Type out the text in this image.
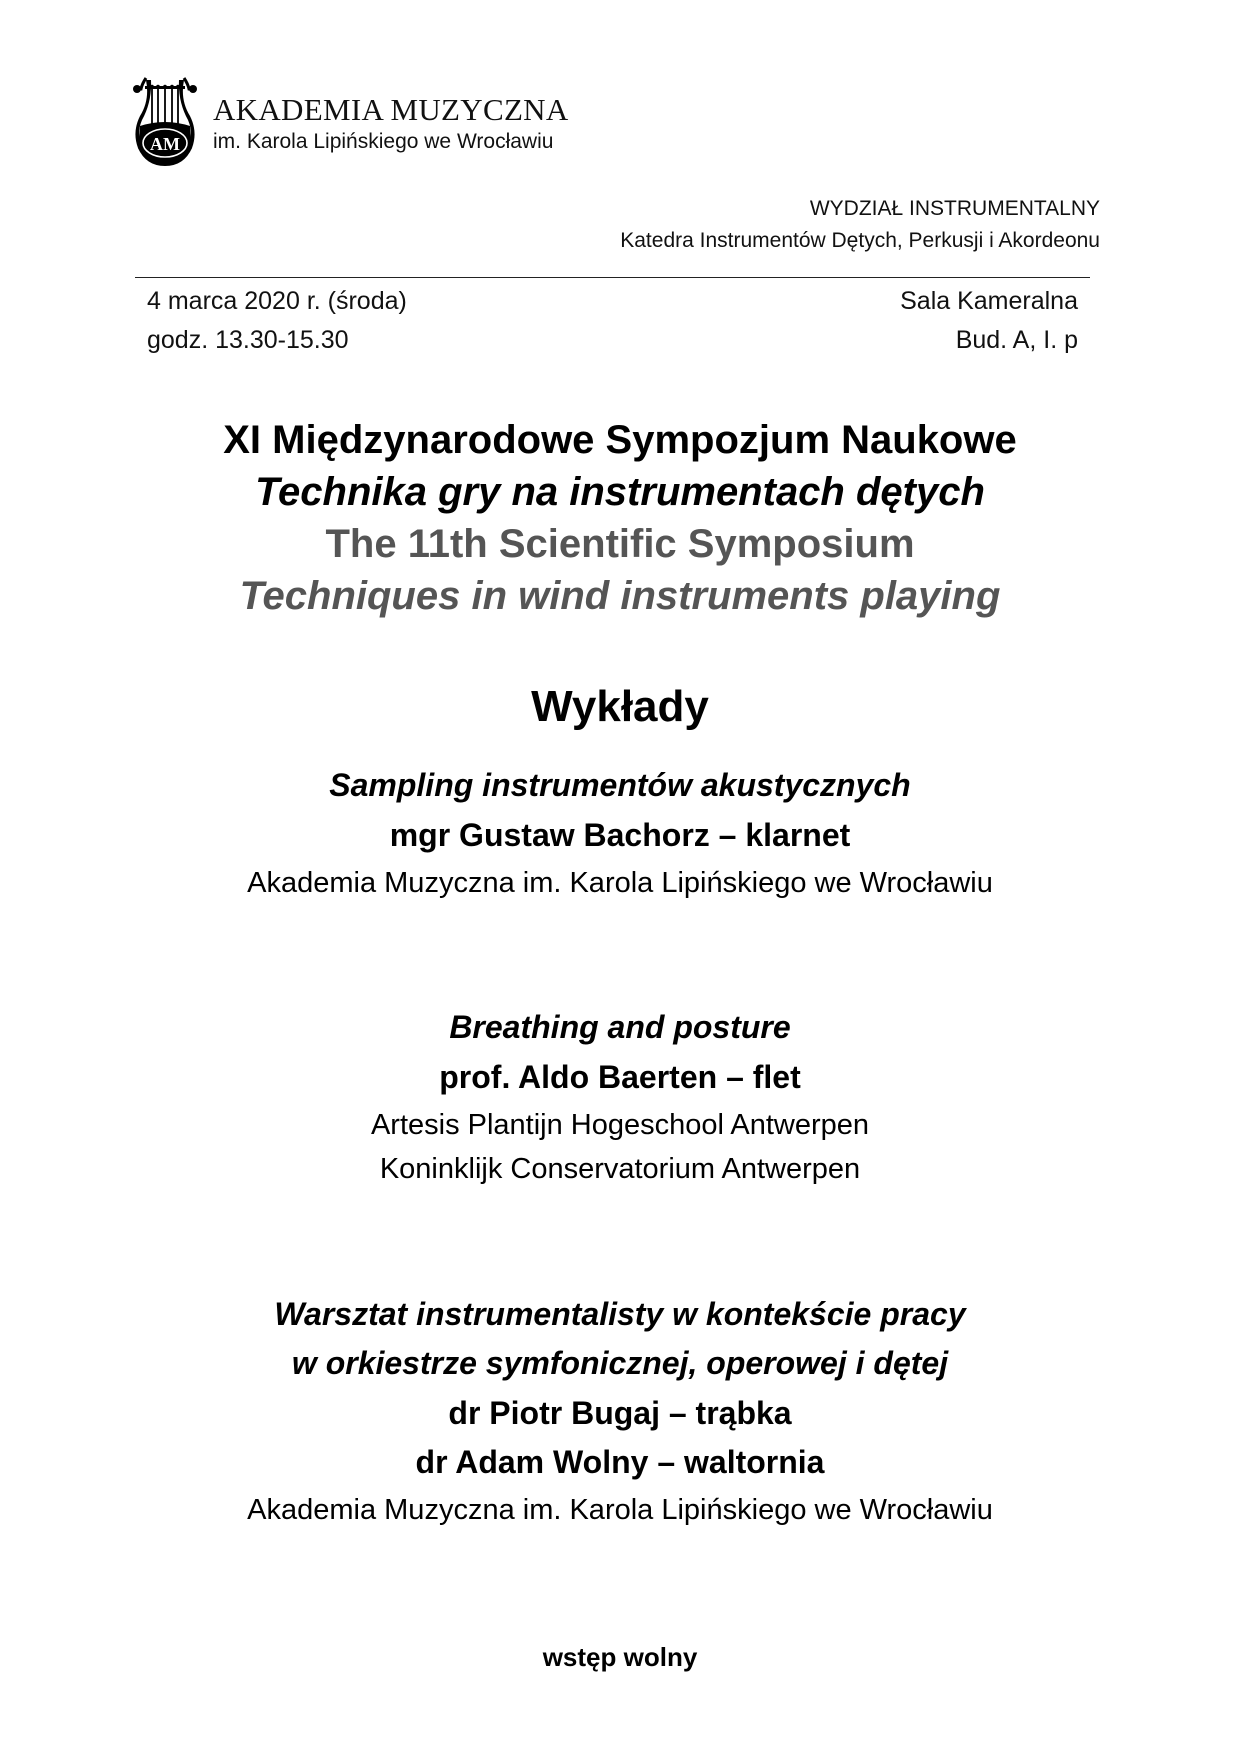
AM
AKADEMIA MUZYCZNA
im. Karola Lipińskiego we Wrocławiu
WYDZIAŁ INSTRUMENTALNY
Katedra Instrumentów Dętych, Perkusji i Akordeonu
4 marca 2020 r. (środa)
godz. 13.30-15.30
Sala Kameralna
Bud. A, I. p
XI Międzynarodowe Sympozjum Naukowe
Technika gry na instrumentach dętych
The 11th Scientific Symposium
Techniques in wind instruments playing
Wykłady
Sampling instrumentów akustycznych
mgr Gustaw Bachorz – klarnet
Akademia Muzyczna im. Karola Lipińskiego we Wrocławiu
Breathing and posture
prof. Aldo Baerten – flet
Artesis Plantijn Hogeschool Antwerpen
Koninklijk Conservatorium Antwerpen
Warsztat instrumentalisty w kontekście pracy
w orkiestrze symfonicznej, operowej i dętej
dr Piotr Bugaj – trąbka
dr Adam Wolny – waltornia
Akademia Muzyczna im. Karola Lipińskiego we Wrocławiu
wstęp wolny
